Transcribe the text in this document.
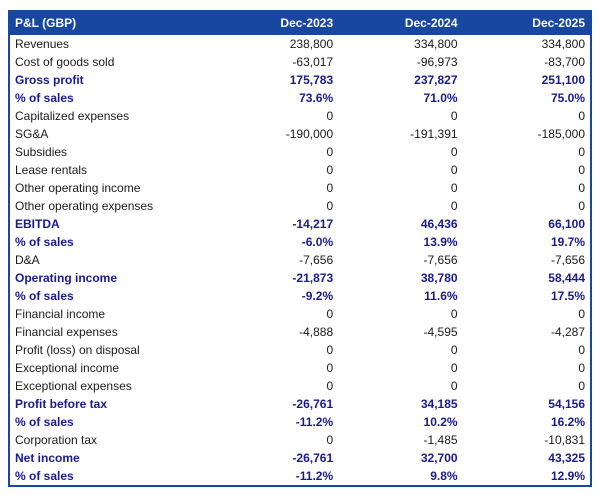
P&L (GBP)	Dec-2023	Dec-2024	Dec-2025
Revenues	238,800	334,800	334,800
Cost of goods sold	-63,017	-96,973	-83,700
Gross profit	175,783	237,827	251,100
% of sales	73.6%	71.0%	75.0%
Capitalized expenses	0	0	0
SG&A	-190,000	-191,391	-185,000
Subsidies	0	0	0
Lease rentals	0	0	0
Other operating income	0	0	0
Other operating expenses	0	0	0
EBITDA	-14,217	46,436	66,100
% of sales	-6.0%	13.9%	19.7%
D&A	-7,656	-7,656	-7,656
Operating income	-21,873	38,780	58,444
% of sales	-9.2%	11.6%	17.5%
Financial income	0	0	0
Financial expenses	-4,888	-4,595	-4,287
Profit (loss) on disposal	0	0	0
Exceptional income	0	0	0
Exceptional expenses	0	0	0
Profit before tax	-26,761	34,185	54,156
% of sales	-11.2%	10.2%	16.2%
Corporation tax	0	-1,485	-10,831
Net income	-26,761	32,700	43,325
% of sales	-11.2%	9.8%	12.9%
